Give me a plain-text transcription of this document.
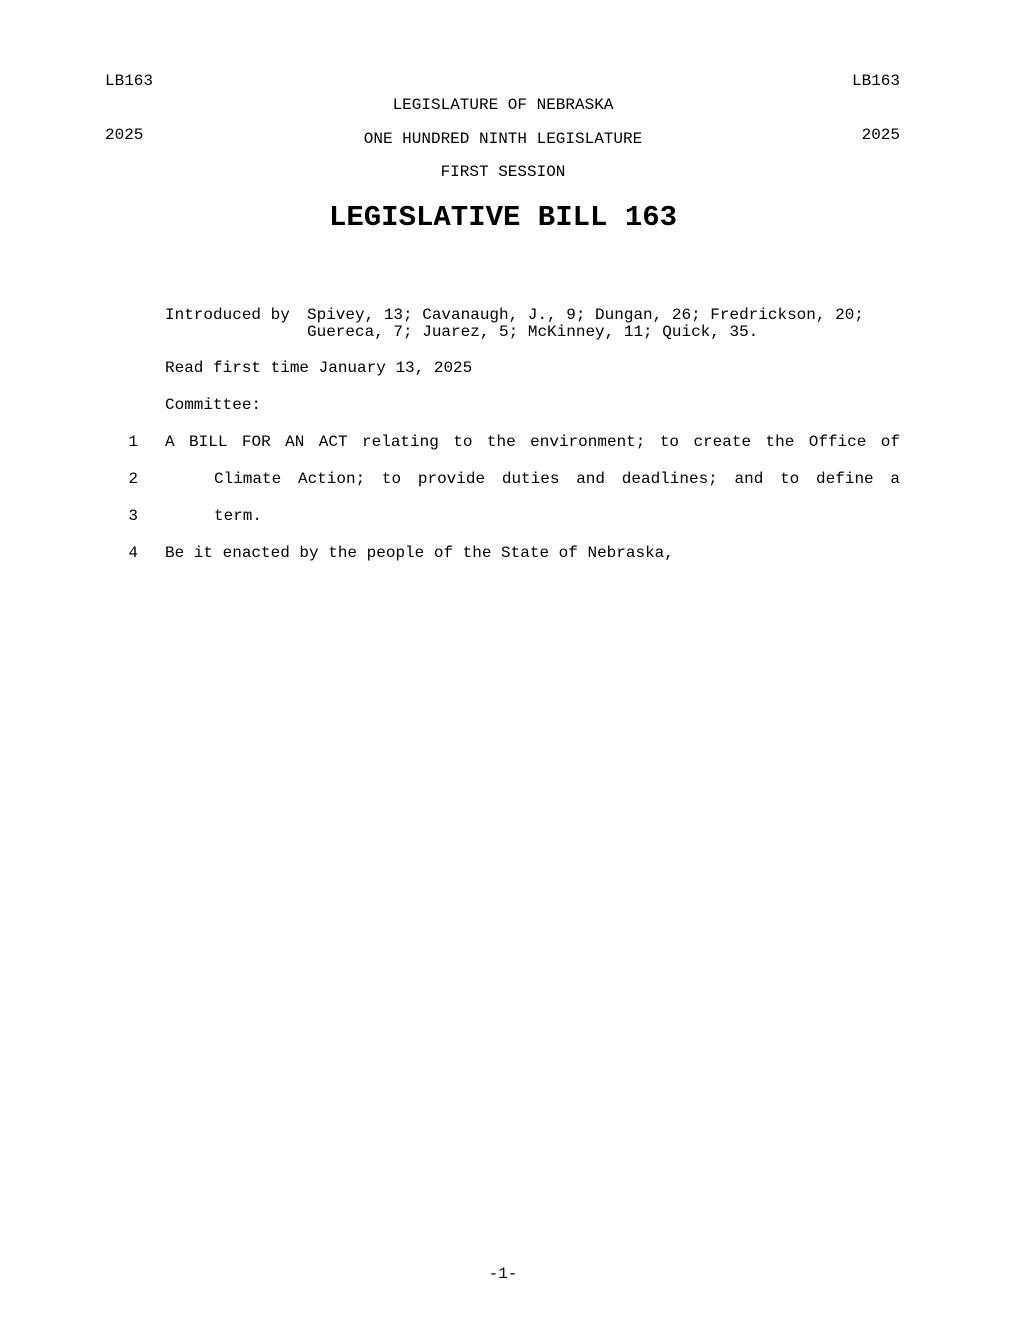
LB163

2025

LB163

2025

LEGISLATURE OF NEBRASKA
ONE HUNDRED NINTH LEGISLATURE
FIRST SESSION
LEGISLATIVE BILL 163
Introduced by Spivey, 13; Cavanaugh, J., 9; Dungan, 26; Fredrickson, 20;
Guereca, 7; Juarez, 5; McKinney, 11; Quick, 35.
Read first time January 13, 2025
Committee:
1 A BILL FOR AN ACT relating to the environment; to create the Office of
2	Climate Action; to provide duties and deadlines; and to define a
3	term.
4 Be it enacted by the people of the State of Nebraska,
-1-
